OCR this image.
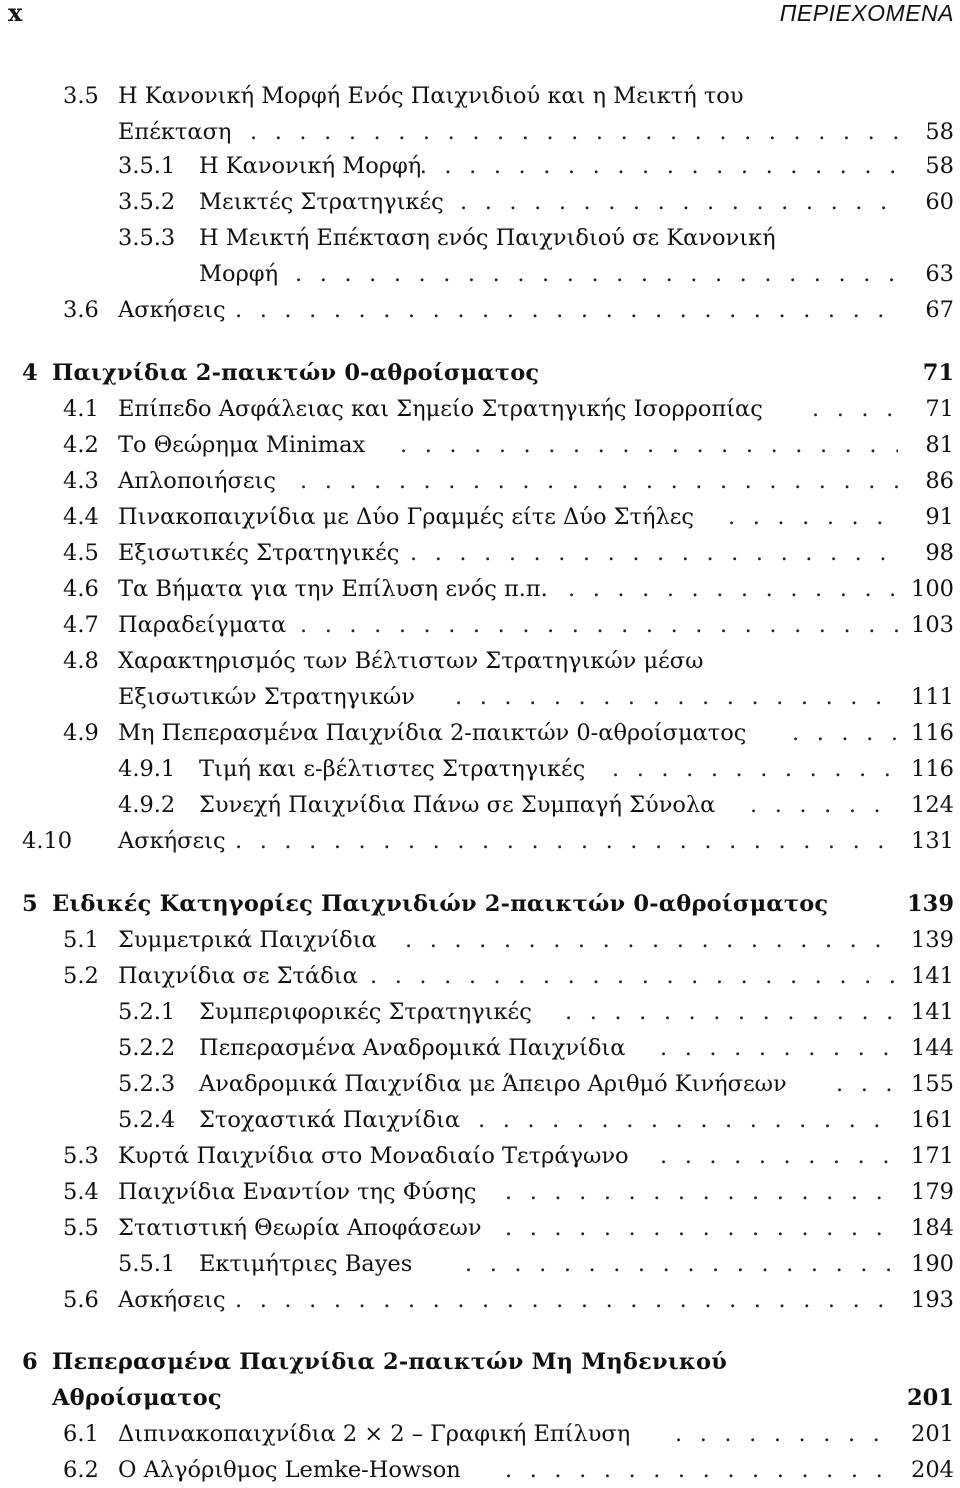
x	ΠΕΡΙΕΧΟΜΕΝΑ
3.5 Η Κανονική Μορφή Ενός Παιχνιδιού και η Μεικτή του
Επέκταση . . .	58
3.5.1 Η Κανονική Μορφή . . .	58
3.5.2 Μεικτές Στρατηγικές . . .	60
3.5.3 Η Μεικτή Επέκταση ενός Παιχνιδιού σε Κανονική
Μορφή . . .	63
3.6 Ασκήσεις . . .	67
4 Παιχνίδια 2-παικτών 0-αθροίσματος	71
4.1 Επίπεδο Ασφάλειας και Σημείο Στρατηγικής Ισορροπίας . . .	71
4.2 Το Θεώρημα Minimax . . .	81
4.3 Απλοποιήσεις . . .	86
4.4 Πινακοπαιχνίδια με Δύο Γραμμές είτε Δύο Στήλες . . .	91
4.5 Εξισωτικές Στρατηγικές . . .	98
4.6 Τα Βήματα για την Επίλυση ενός π.π. . . .	100
4.7 Παραδείγματα . . .	103
4.8 Χαρακτηρισμός των Βέλτιστων Στρατηγικών μέσω
Εξισωτικών Στρατηγικών . . .	111
4.9 Μη Πεπερασμένα Παιχνίδια 2-παικτών 0-αθροίσματος . . .	116
4.9.1 Τιμή και ε-βέλτιστες Στρατηγικές . . .	116
4.9.2 Συνεχή Παιχνίδια Πάνω σε Συμπαγή Σύνολα . . .	124
4.10 Ασκήσεις . . .	131
5 Ειδικές Κατηγορίες Παιχνιδιών 2-παικτών 0-αθροίσματος	139
5.1 Συμμετρικά Παιχνίδια . . .	139
5.2 Παιχνίδια σε Στάδια . . .	141
5.2.1 Συμπεριφορικές Στρατηγικές . . .	141
5.2.2 Πεπερασμένα Αναδρομικά Παιχνίδια . . .	144
5.2.3 Αναδρομικά Παιχνίδια με Άπειρο Αριθμό Κινήσεων . . .	155
5.2.4 Στοχαστικά Παιχνίδια . . .	161
5.3 Κυρτά Παιχνίδια στο Μοναδιαίο Τετράγωνο . . .	171
5.4 Παιχνίδια Εναντίον της Φύσης . . .	179
5.5 Στατιστική Θεωρία Αποφάσεων . . .	184
5.5.1 Εκτιμήτριες Bayes . . .	190
5.6 Ασκήσεις . . .	193
6 Πεπερασμένα Παιχνίδια 2-παικτών Μη Μηδενικού
Αθροίσματος	201
6.1 Διπινακοπαιχνίδια 2 × 2 – Γραφική Επίλυση . . .	201
6.2 Ο Αλγόριθμος Lemke-Howson . . .	204
